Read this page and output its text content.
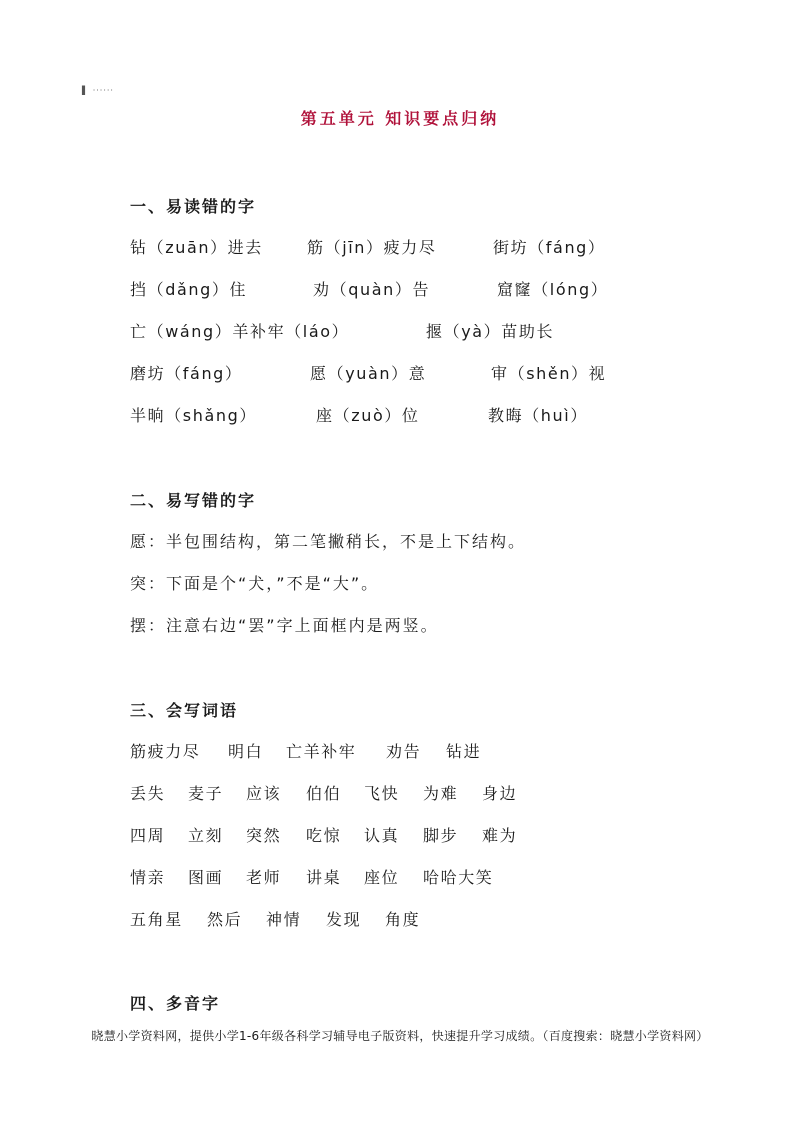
▌ ······
第五单元 知识要点归纳
一、易读错的字
钻（zuān）进去	筋（jīn）疲力尽	街坊（fáng）
挡（dǎng）住	劝（quàn）告	窟窿（lóng）
亡（wáng）羊补牢（láo）	揠（yà）苗助长
磨坊（fáng）	愿（yuàn）意	审（shěn）视
半晌（shǎng）	座（zuò）位	教晦（huì）
二、易写错的字
愿：半包围结构，第二笔撇稍长，不是上下结构。
突：下面是个“犬，”不是“大”。
摆：注意右边“罢”字上面框内是两竖。
三、会写词语
筋疲力尽 明白 亡羊补牢 劝告 钻进
丢失 麦子 应该 伯伯 飞快 为难 身边
四周 立刻 突然 吃惊 认真 脚步 难为
情亲 图画 老师 讲桌 座位 哈哈大笑
五角星 然后 神情 发现 角度
四、多音字
晓慧小学资料网，提供小学1-6年级各科学习辅导电子版资料，快速提升学习成绩。（百度搜索：晓慧小学资料网）
